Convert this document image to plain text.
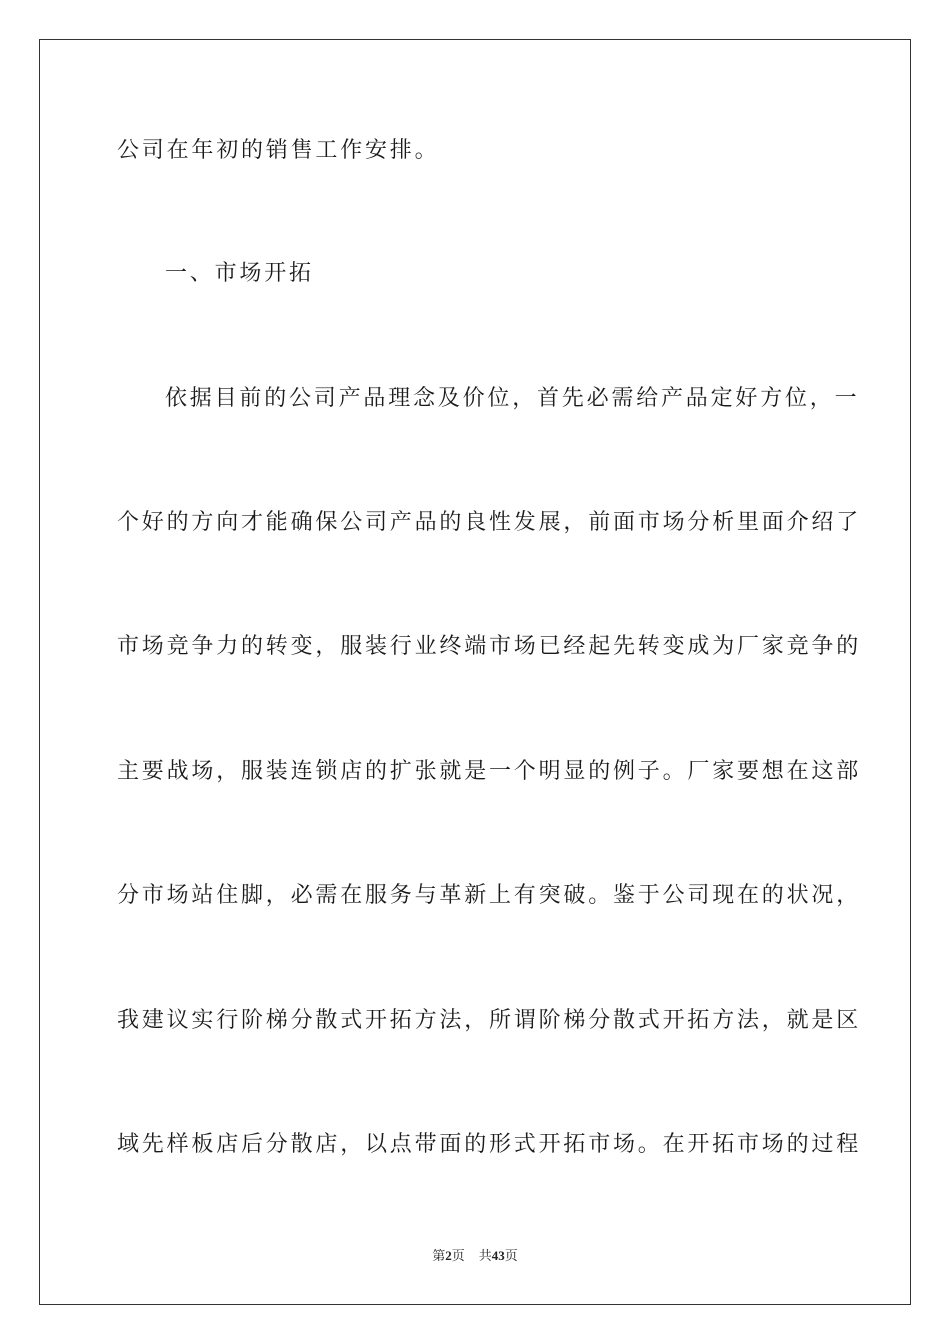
公司在年初的销售工作安排。
一、市场开拓
依据目前的公司产品理念及价位，首先必需给产品定好方位，一
个好的方向才能确保公司产品的良性发展，前面市场分析里面介绍了
市场竞争力的转变，服装行业终端市场已经起先转变成为厂家竞争的
主要战场，服装连锁店的扩张就是一个明显的例子。厂家要想在这部
分市场站住脚，必需在服务与革新上有突破。鉴于公司现在的状况，
我建议实行阶梯分散式开拓方法，所谓阶梯分散式开拓方法，就是区
域先样板店后分散店，以点带面的形式开拓市场。在开拓市场的过程
第2页 共43页
